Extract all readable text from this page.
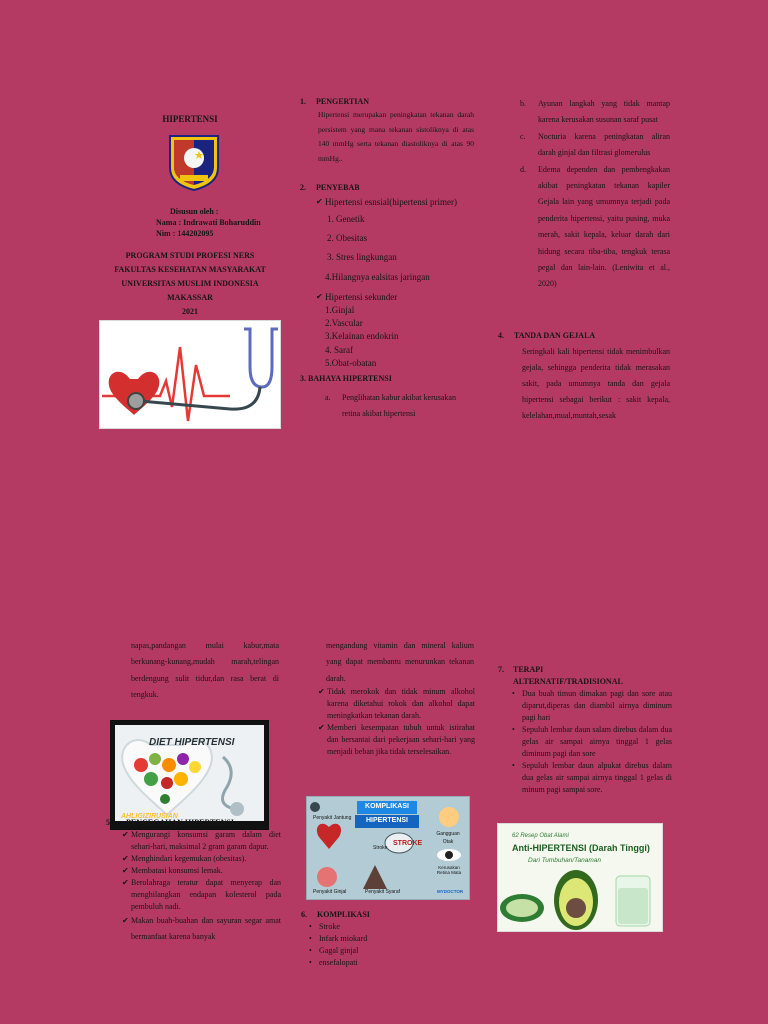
HIPERTENSI
Disusun oleh :
Nama : Indrawati Boharuddin
Nim : 144202095
PROGRAM STUDI PROFESI NERS
FAKULTAS KESEHATAN MASYARAKAT
UNIVERSITAS MUSLIM INDONESIA
MAKASSAR
2021
1. PENGERTIAN

Hipertensi merupakan peningkatan tekanan darah persistem yang mana tekanan sistoliknya di atas 140 mmHg serta tekanan diastoliknya di atas 90 mmHg..

2. PENYEBAB
✔ Hipertensi esnsial(hipertensi primer)
1. Genetik
2. Obesitas
3. Stres lingkungan
4.Hilangnya ealsitas jaringan
✔ Hipertensi sekunder
1.Ginjal
2.Vascular
3.Kelainan endokrin
4. Saraf
5.Obat-obatan
3. BAHAYA HIPERTENSI
a. Penglihatan kabur akibat kerusakan retina akibat hipertensi
b. Ayunan langkah yang tidak mantap karena kerusakan susunan saraf pusat
c. Nocturia karena peningkatan aliran darah ginjal dan filtrasi glomerulus
d. Edema dependen dan pembengkakan akibat peningkatan tekanan kapiler Gejala lain yang umumnya terjadi pada penderita hipertensi, yaitu pusing, muka merah, sakit kepala, keluar darah dari hidung secara tiba-tiba, tengkuk terasa pegal dan lain-lain. (Leniwita et al., 2020)
4. TANDA DAN GEJALA

Seringkali kali hipertensi tidak menimbulkan gejala, sehingga penderita tidak merasakan sakit, pada umumnya tanda dan gejala hipertensi sebagai berikut : sakit kepala, kelelahan,mual,muntah,sesak

napas,pandangan mulai kabur,mata berkunang-kunang,mudah marah,telingan berdengung sulit tidur,dan rasa berat di tengkuk.

DIET HIPERTENSI
AHLIGIZIRUSIAN
5. PENCEGAHAN HIPERTENSI
✔ Mengurangi konsumsi garam dalam diet sehari-hari, maksimal 2 gram garam dapur.
✔ Menghindari kegemukan (obesitas).
✔ Membatasi konsumsi lemak.
✔ Berolahraga teratur dapat menyerap dan menghilangkan endapan kolesterol pada pembuluh nadi.
✔ Makan buah-buahan dan sayuran segar amat bermanfaat karena banyak

mengandung vitamin dan mineral kalium yang dapat membantu menurunkan tekanan darah.

✔ Tidak merokok dan tidak minum alkohol karena diketahui rokok dan alkohol dapat meningkatkan tekanan darah.
✔ Memberi kesempatan tubuh untuk istirahat dan bersantai dari pekerjaan sehari-hari yang menjadi beban jika tidak terselesaikan.
KOMPLIKASI
HIPERTENSI
Penyakit Jantung
Gangguan Otak
Stroke
STROKE
Kerusakan Retina Mata
Penyakit Ginjal	Penyakit Syaraf	MYDOCTOR
6. KOMPLIKASI
• Stroke
• Infark miokard
• Gagal ginjal
• ensefalopati
7. TERAPI
ALTERNATIF/TRADISIONAL
• Dua buah timun dimakan pagi dan sore atau diparut,diperas dan diambil airnya diminum pagi hari
• Sepuluh lembar daun salam direbus dalam dua gelas air sampai airnya tinggal 1 gelas diminum pagi dan sore
• Sepuluh lembar daun alpukat direbus dalam dua gelas air sampai airnya tinggal 1 gelas di minum pagi sampai sore.
62 Resep Obat Alami
Anti-HIPERTENSI (Darah Tinggi)
Dari Tumbuhan/Tanaman
